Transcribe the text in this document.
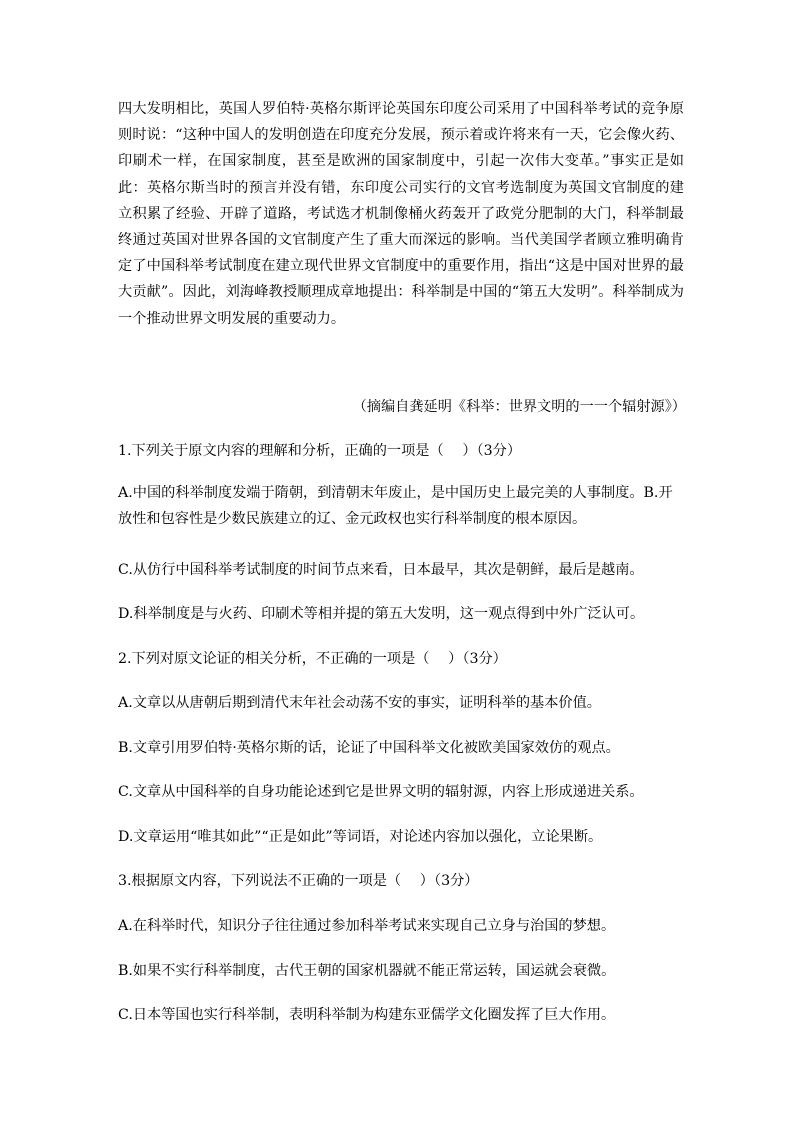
四大发明相比，英国人罗伯特·英格尔斯评论英国东印度公司采用了中国科举考试的竞争原则时说：“这种中国人的发明创造在印度充分发展，预示着或许将来有一天，它会像火药、印刷术一样，在国家制度，甚至是欧洲的国家制度中，引起一次伟大变革。”事实正是如此：英格尔斯当时的预言并没有错，东印度公司实行的文官考选制度为英国文官制度的建立积累了经验、开辟了道路，考试选才机制像桶火药轰开了政党分肥制的大门，科举制最终通过英国对世界各国的文官制度产生了重大而深远的影响。当代美国学者顾立雅明确肯定了中国科举考试制度在建立现代世界文官制度中的重要作用，指出“这是中国对世界的最大贡献”。因此，刘海峰教授顺理成章地提出：科举制是中国的“第五大发明”。科举制成为一个推动世界文明发展的重要动力。

（摘编自龚延明《科举：世界文明的一一个辐射源》）

1.下列关于原文内容的理解和分析，正确的一项是（　 ）（3分）

A.中国的科举制度发端于隋朝，到清朝末年废止，是中国历史上最完美的人事制度。B.开放性和包容性是少数民族建立的辽、金元政权也实行科举制度的根本原因。

C.从仿行中国科举考试制度的时间节点来看，日本最早，其次是朝鲜，最后是越南。

D.科举制度是与火药、印刷术等相并提的第五大发明，这一观点得到中外广泛认可。

2.下列对原文论证的相关分析，不正确的一项是（　 ）（3分）

A.文章以从唐朝后期到清代末年社会动荡不安的事实，证明科举的基本价值。

B.文章引用罗伯特·英格尔斯的话，论证了中国科举文化被欧美国家效仿的观点。

C.文章从中国科举的自身功能论述到它是世界文明的辐射源，内容上形成递进关系。

D.文章运用“唯其如此”“正是如此”等词语，对论述内容加以强化，立论果断。

3.根据原文内容，下列说法不正确的一项是（　 ）（3分）

A.在科举时代，知识分子往往通过参加科举考试来实现自己立身与治国的梦想。

B.如果不实行科举制度，古代王朝的国家机器就不能正常运转，国运就会衰微。

C.日本等国也实行科举制，表明科举制为构建东亚儒学文化圈发挥了巨大作用。
